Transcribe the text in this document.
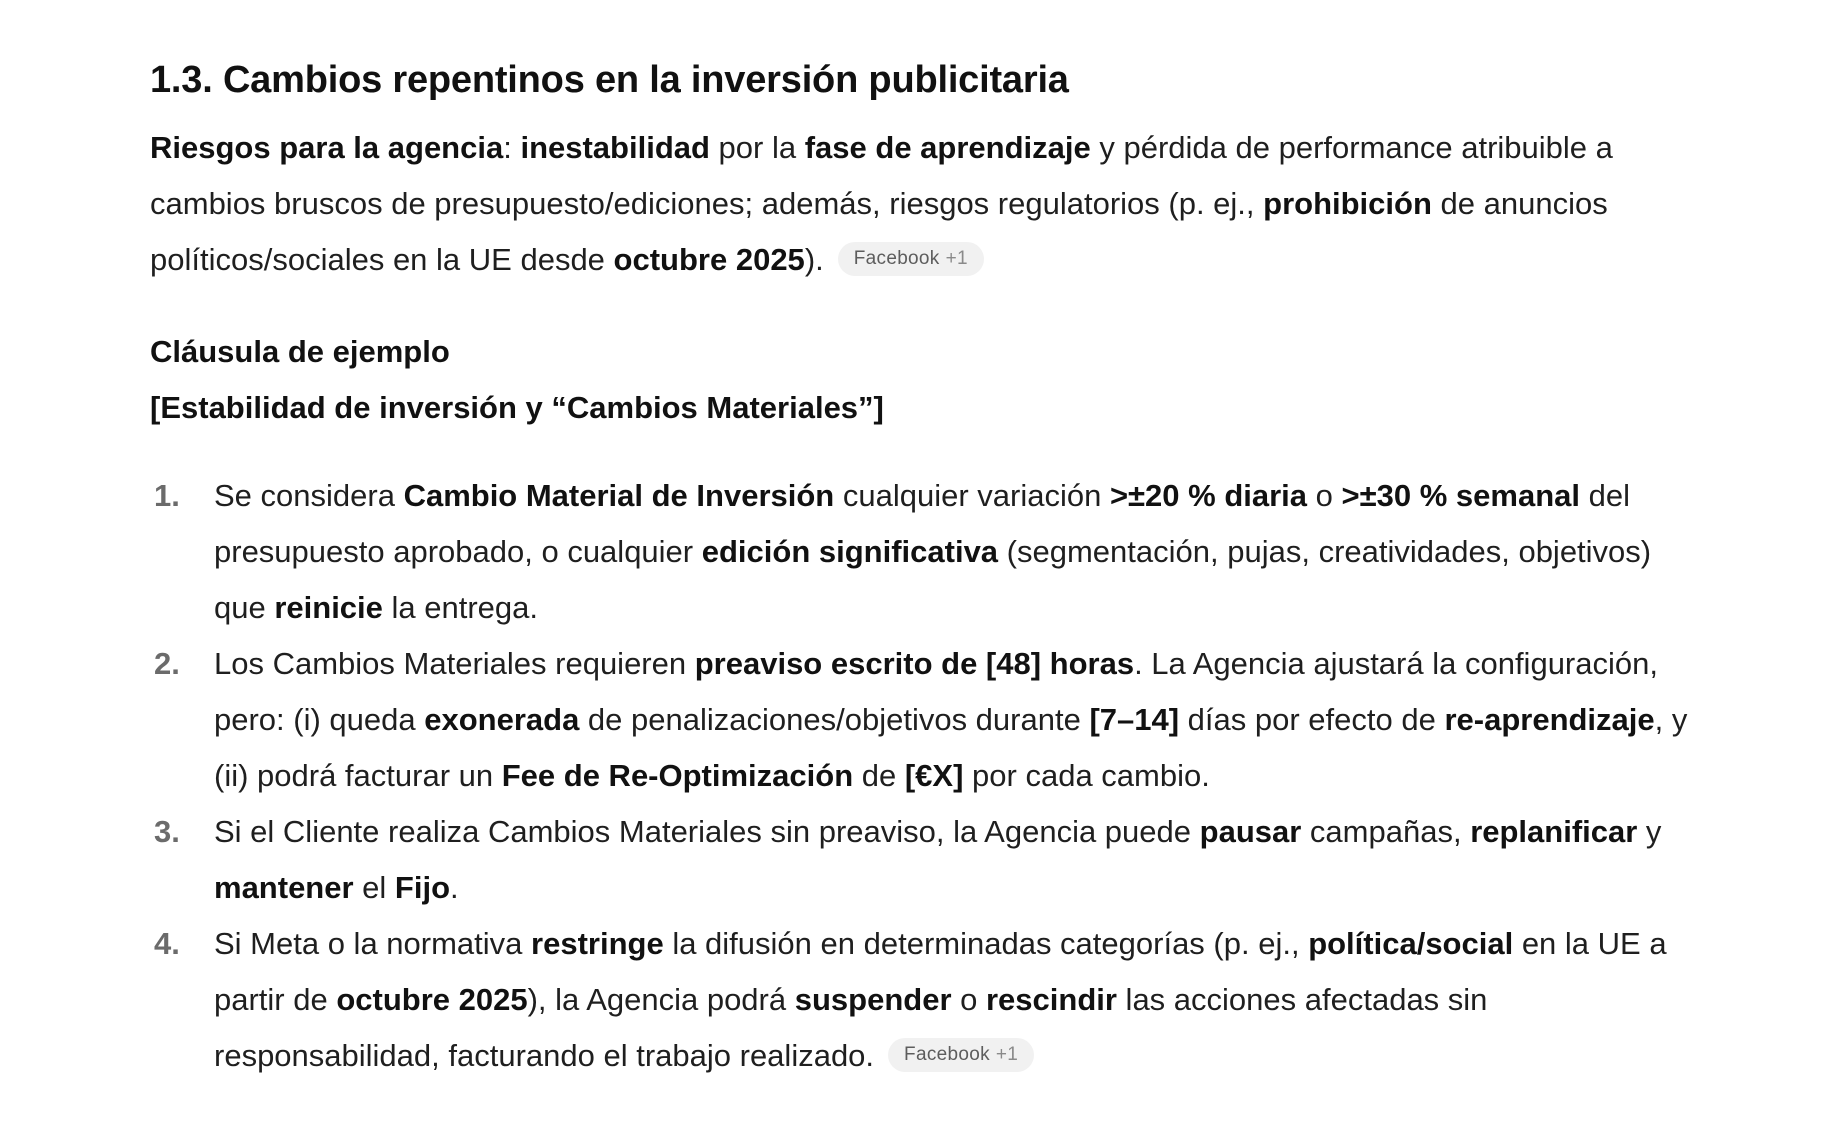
1.3. Cambios repentinos en la inversión publicitaria

Riesgos para la agencia: inestabilidad por la fase de aprendizaje y pérdida de performance atribuible a cambios bruscos de presupuesto/ediciones; además, riesgos regulatorios (p. ej., prohibición de anuncios políticos/sociales en la UE desde octubre 2025). Facebook +1

Cláusula de ejemplo

[Estabilidad de inversión y “Cambios Materiales”]

1. Se considera Cambio Material de Inversión cualquier variación >±20 % diaria o >±30 % semanal del presupuesto aprobado, o cualquier edición significativa (segmentación, pujas, creatividades, objetivos) que reinicie la entrega.
2. Los Cambios Materiales requieren preaviso escrito de [48] horas. La Agencia ajustará la configuración, pero: (i) queda exonerada de penalizaciones/objetivos durante [7–14] días por efecto de re-aprendizaje, y (ii) podrá facturar un Fee de Re-Optimización de [€X] por cada cambio.
3. Si el Cliente realiza Cambios Materiales sin preaviso, la Agencia puede pausar campañas, replanificar y mantener el Fijo.
4. Si Meta o la normativa restringe la difusión en determinadas categorías (p. ej., política/social en la UE a partir de octubre 2025), la Agencia podrá suspender o rescindir las acciones afectadas sin responsabilidad, facturando el trabajo realizado. Facebook +1
